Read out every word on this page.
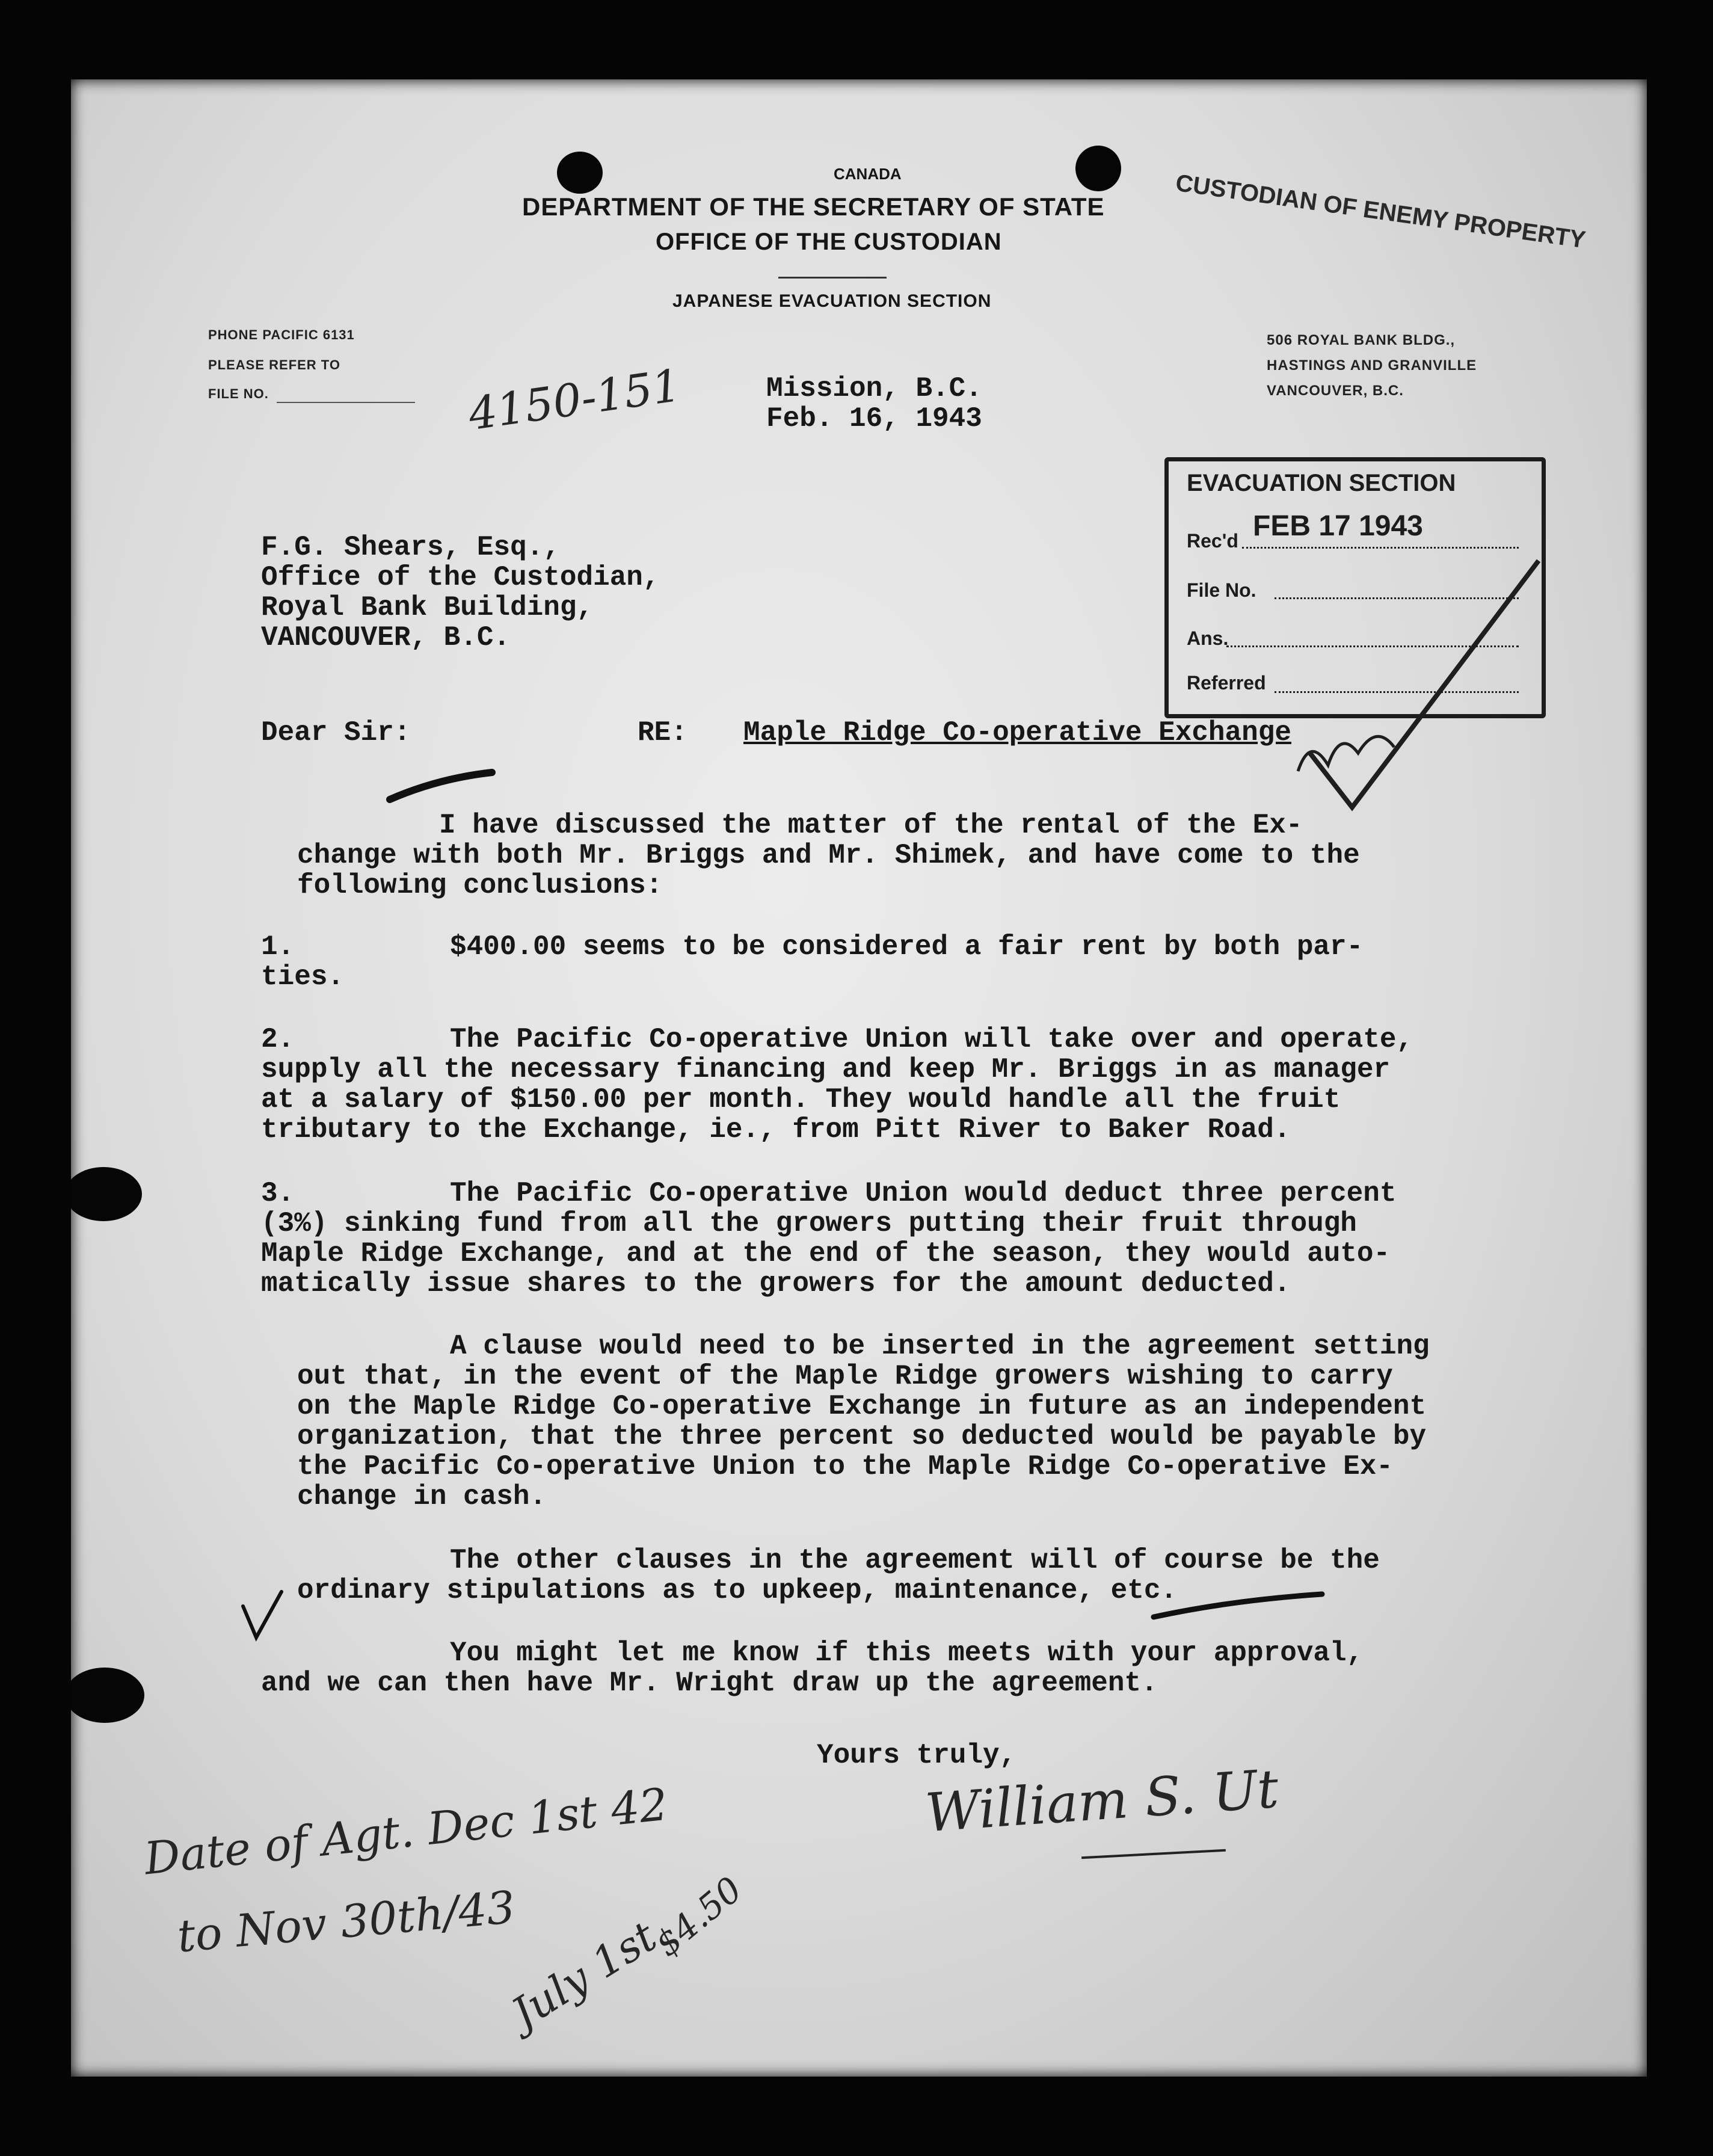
CANADA
DEPARTMENT OF THE SECRETARY OF STATE
OFFICE OF THE CUSTODIAN
JAPANESE EVACUATION SECTION
PHONE PACIFIC 6131
PLEASE REFER TO
FILE NO.	4150-151
506 ROYAL BANK BLDG.,
HASTINGS AND GRANVILLE
VANCOUVER, B.C.
CUSTODIAN OF ENEMY PROPERTY
Mission, B.C.
Feb. 16, 1943
EVACUATION SECTION
Rec'd FEB 17 1943
File No.
Ans.
Referred
F.G. Shears, Esq.,
Office of the Custodian,
Royal Bank Building,
VANCOUVER, B.C.
Dear Sir:	RE: Maple Ridge Co-operative Exchange
I have discussed the matter of the rental of the Ex-
change with both Mr. Briggs and Mr. Shimek, and have come to the
following conclusions:
1.	$400.00 seems to be considered a fair rent by both par-
ties.
2.	The Pacific Co-operative Union will take over and operate,
supply all the necessary financing and keep Mr. Briggs in as manager
at a salary of $150.00 per month. They would handle all the fruit
tributary to the Exchange, ie., from Pitt River to Baker Road.
3.	The Pacific Co-operative Union would deduct three percent
(3%) sinking fund from all the growers putting their fruit through
Maple Ridge Exchange, and at the end of the season, they would auto-
matically issue shares to the growers for the amount deducted.
A clause would need to be inserted in the agreement setting
out that, in the event of the Maple Ridge growers wishing to carry
on the Maple Ridge Co-operative Exchange in future as an independent
organization, that the three percent so deducted would be payable by
the Pacific Co-operative Union to the Maple Ridge Co-operative Ex-
change in cash.
The other clauses in the agreement will of course be the
ordinary stipulations as to upkeep, maintenance, etc.
You might let me know if this meets with your approval,
and we can then have Mr. Wright draw up the agreement.
Yours truly,
William S. Ut
Date of Agt. Dec 1st 42
to Nov 30th/43
July 1st
$4.50
